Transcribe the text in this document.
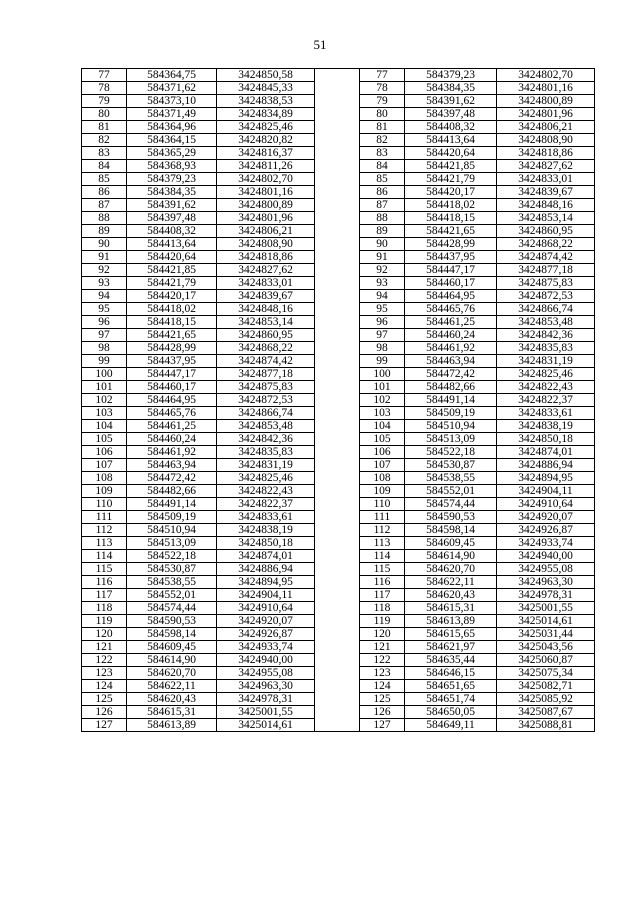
51
77	584364,75	3424850,58		77	584379,23	3424802,70
78	584371,62	3424845,33		78	584384,35	3424801,16
79	584373,10	3424838,53		79	584391,62	3424800,89
80	584371,49	3424834,89		80	584397,48	3424801,96
81	584364,96	3424825,46		81	584408,32	3424806,21
82	584364,15	3424820,82		82	584413,64	3424808,90
83	584365,29	3424816,37		83	584420,64	3424818,86
84	584368,93	3424811,26		84	584421,85	3424827,62
85	584379,23	3424802,70		85	584421,79	3424833,01
86	584384,35	3424801,16		86	584420,17	3424839,67
87	584391,62	3424800,89		87	584418,02	3424848,16
88	584397,48	3424801,96		88	584418,15	3424853,14
89	584408,32	3424806,21		89	584421,65	3424860,95
90	584413,64	3424808,90		90	584428,99	3424868,22
91	584420,64	3424818,86		91	584437,95	3424874,42
92	584421,85	3424827,62		92	584447,17	3424877,18
93	584421,79	3424833,01		93	584460,17	3424875,83
94	584420,17	3424839,67		94	584464,95	3424872,53
95	584418,02	3424848,16		95	584465,76	3424866,74
96	584418,15	3424853,14		96	584461,25	3424853,48
97	584421,65	3424860,95		97	584460,24	3424842,36
98	584428,99	3424868,22		98	584461,92	3424835,83
99	584437,95	3424874,42		99	584463,94	3424831,19
100	584447,17	3424877,18		100	584472,42	3424825,46
101	584460,17	3424875,83		101	584482,66	3424822,43
102	584464,95	3424872,53		102	584491,14	3424822,37
103	584465,76	3424866,74		103	584509,19	3424833,61
104	584461,25	3424853,48		104	584510,94	3424838,19
105	584460,24	3424842,36		105	584513,09	3424850,18
106	584461,92	3424835,83		106	584522,18	3424874,01
107	584463,94	3424831,19		107	584530,87	3424886,94
108	584472,42	3424825,46		108	584538,55	3424894,95
109	584482,66	3424822,43		109	584552,01	3424904,11
110	584491,14	3424822,37		110	584574,44	3424910,64
111	584509,19	3424833,61		111	584590,53	3424920,07
112	584510,94	3424838,19		112	584598,14	3424926,87
113	584513,09	3424850,18		113	584609,45	3424933,74
114	584522,18	3424874,01		114	584614,90	3424940,00
115	584530,87	3424886,94		115	584620,70	3424955,08
116	584538,55	3424894,95		116	584622,11	3424963,30
117	584552,01	3424904,11		117	584620,43	3424978,31
118	584574,44	3424910,64		118	584615,31	3425001,55
119	584590,53	3424920,07		119	584613,89	3425014,61
120	584598,14	3424926,87		120	584615,65	3425031,44
121	584609,45	3424933,74		121	584621,97	3425043,56
122	584614,90	3424940,00		122	584635,44	3425060,87
123	584620,70	3424955,08		123	584646,15	3425075,34
124	584622,11	3424963,30		124	584651,65	3425082,71
125	584620,43	3424978,31		125	584651,74	3425085,92
126	584615,31	3425001,55		126	584650,05	3425087,67
127	584613,89	3425014,61		127	584649,11	3425088,81
